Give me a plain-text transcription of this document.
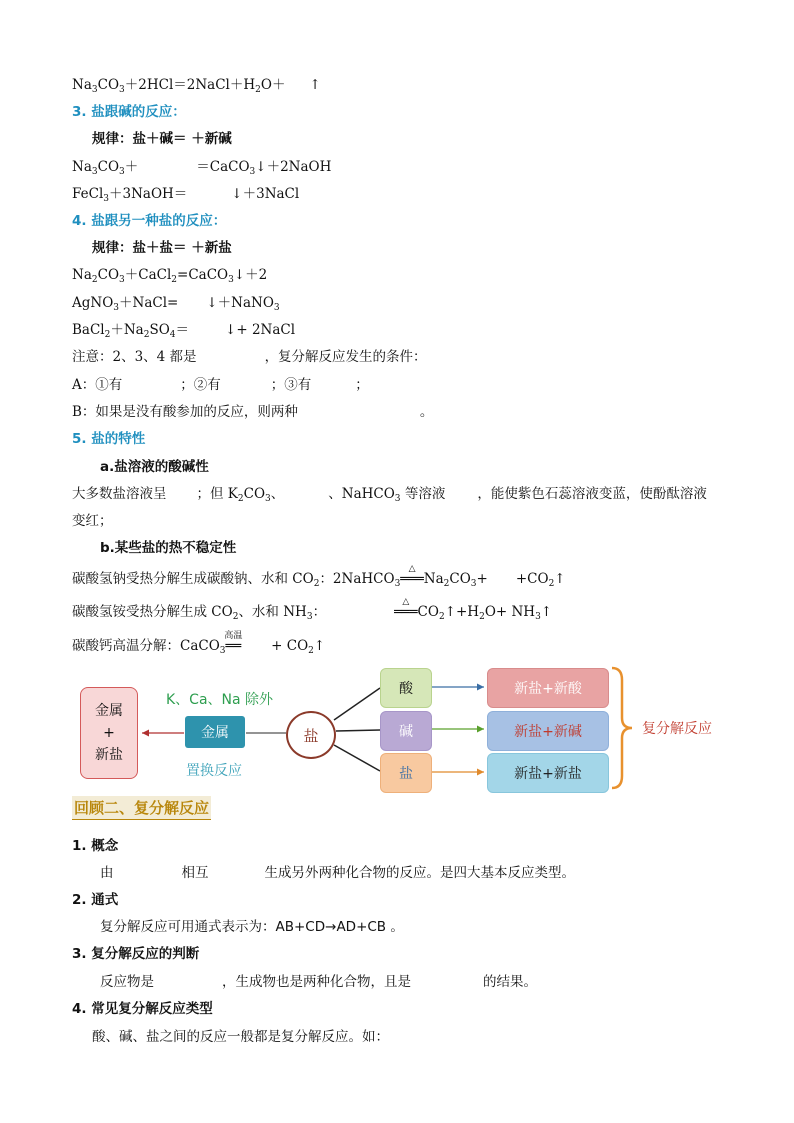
$Na_3CO_3+2HCl=2NaCl+H_2O+$ ↑
3. 盐跟碱的反应：
规律：盐＋碱＝ ＋新碱
$Na_3CO_3+$	＝CaCO$_3$↓＋2NaOH
FeCl$_3$＋3NaOH＝	↓＋3NaCl
4. 盐跟另一种盐的反应：
规律：盐＋盐＝ ＋新盐
$Na_2CO_3+CaCl_2=CaCO_3↓+2$
AgNO$_3$＋NaCl= ↓＋NaNO$_3$
$BaCl_2+Na_2SO_4=$	↓+ 2NaCl
注意：2、3、4 都是	，复分解反应发生的条件：
A：①有	；②有	；③有	；
B：如果是没有酸参加的反应，则两种	。
5. 盐的特性
a.盐溶液的酸碱性
大多数盐溶液呈 ；但 $K_2CO_3$、	、NaHCO$_3$ 等溶液 ，能使紫色石蕊溶液变蓝，使酚酞溶液
变红；
b.某些盐的热不稳定性
碳酸氢钠受热分解生成碳酸钠、水和 $CO_2$：2NaHCO$_3$
△
$═══Na_2CO_3+$ $+CO_2↑$
碳酸氢铵受热分解生成 $CO_2$、水和 $NH_3$：
△
$═══CO_2↑+H_2O+$ $NH_3↑$
碳酸钙高温分解：CaCO$_3$
高温
══ + $CO_2↑$
金属
+
新盐
K、Ca、Na 除外
金属
置换反应
盐
酸
碱
盐
新盐+新酸
新盐+新碱
新盐+新盐
复分解反应
回顾二、复分解反应
1. 概念
由	相互	生成另外两种化合物的反应。是四大基本反应类型。
2. 通式
复分解反应可用通式表示为：AB+CD→AD+CB 。
3. 复分解反应的判断
反应物是	，生成物也是两种化合物，且是	的结果。
4. 常见复分解反应类型
酸、碱、盐之间的反应一般都是复分解反应。如：
